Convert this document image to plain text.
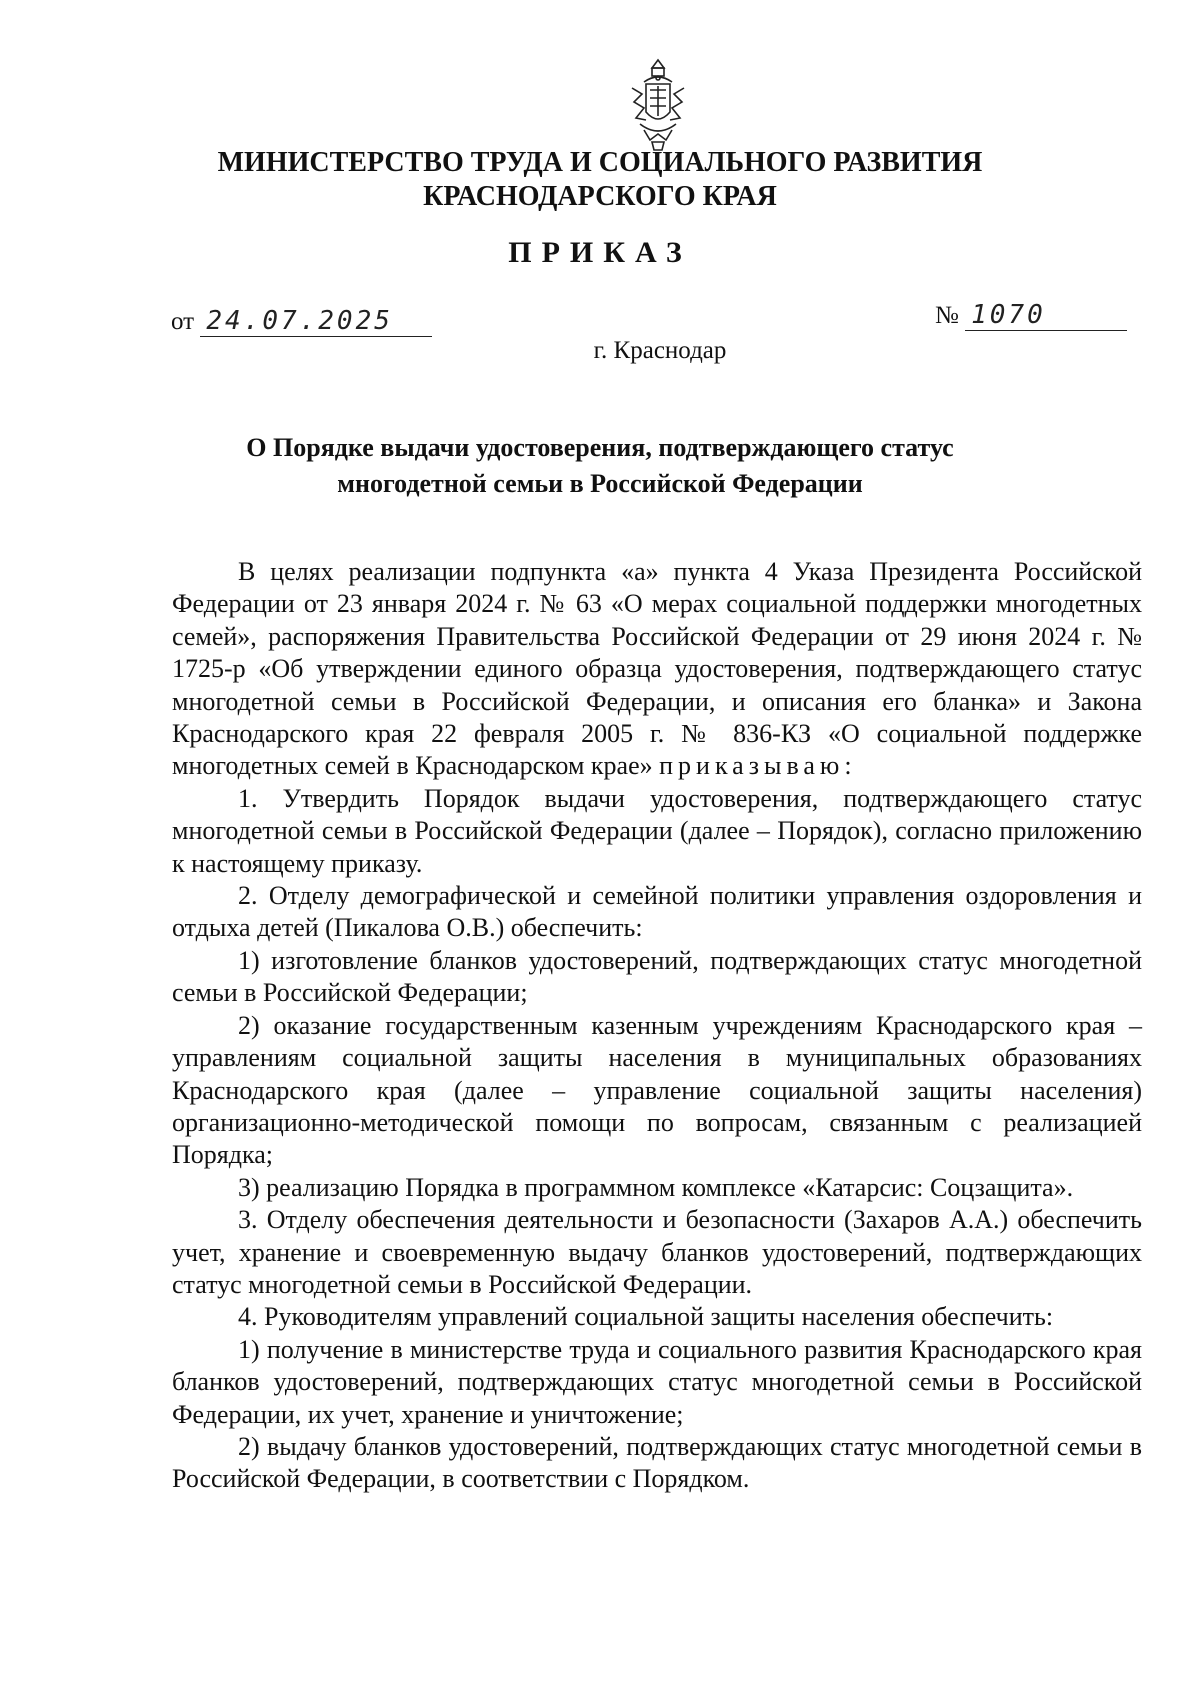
МИНИСТЕРСТВО ТРУДА И СОЦИАЛЬНОГО РАЗВИТИЯ
КРАСНОДАРСКОГО КРАЯ
ПРИКАЗ
от 24.07.2025	№ 1070
г. Краснодар
О Порядке выдачи удостоверения, подтверждающего статус
многодетной семьи в Российской Федерации

В целях реализации подпункта «а» пункта 4 Указа Президента Российской Федерации от 23 января 2024 г. № 63 «О мерах социальной поддержки многодетных семей», распоряжения Правительства Российской Федерации от 29 июня 2024 г. № 1725-р «Об утверждении единого образца удостоверения, подтверждающего статус многодетной семьи в Российской Федерации, и описания его бланка» и Закона Краснодарского края 22 февраля 2005 г. № 836-КЗ «О социальной поддержке многодетных семей в Краснодарском крае» приказываю:

1. Утвердить Порядок выдачи удостоверения, подтверждающего статус многодетной семьи в Российской Федерации (далее – Порядок), согласно приложению к настоящему приказу.

2. Отделу демографической и семейной политики управления оздоровления и отдыха детей (Пикалова О.В.) обеспечить:

1) изготовление бланков удостоверений, подтверждающих статус многодетной семьи в Российской Федерации;

2) оказание государственным казенным учреждениям Краснодарского края – управлениям социальной защиты населения в муниципальных образованиях Краснодарского края (далее – управление социальной защиты населения) организационно-методической помощи по вопросам, связанным с реализацией Порядка;

3) реализацию Порядка в программном комплексе «Катарсис: Соцзащита».

3. Отделу обеспечения деятельности и безопасности (Захаров А.А.) обеспечить учет, хранение и своевременную выдачу бланков удостоверений, подтверждающих статус многодетной семьи в Российской Федерации.

4. Руководителям управлений социальной защиты населения обеспечить:

1) получение в министерстве труда и социального развития Краснодарского края бланков удостоверений, подтверждающих статус многодетной семьи в Российской Федерации, их учет, хранение и уничтожение;

2) выдачу бланков удостоверений, подтверждающих статус многодетной семьи в Российской Федерации, в соответствии с Порядком.
